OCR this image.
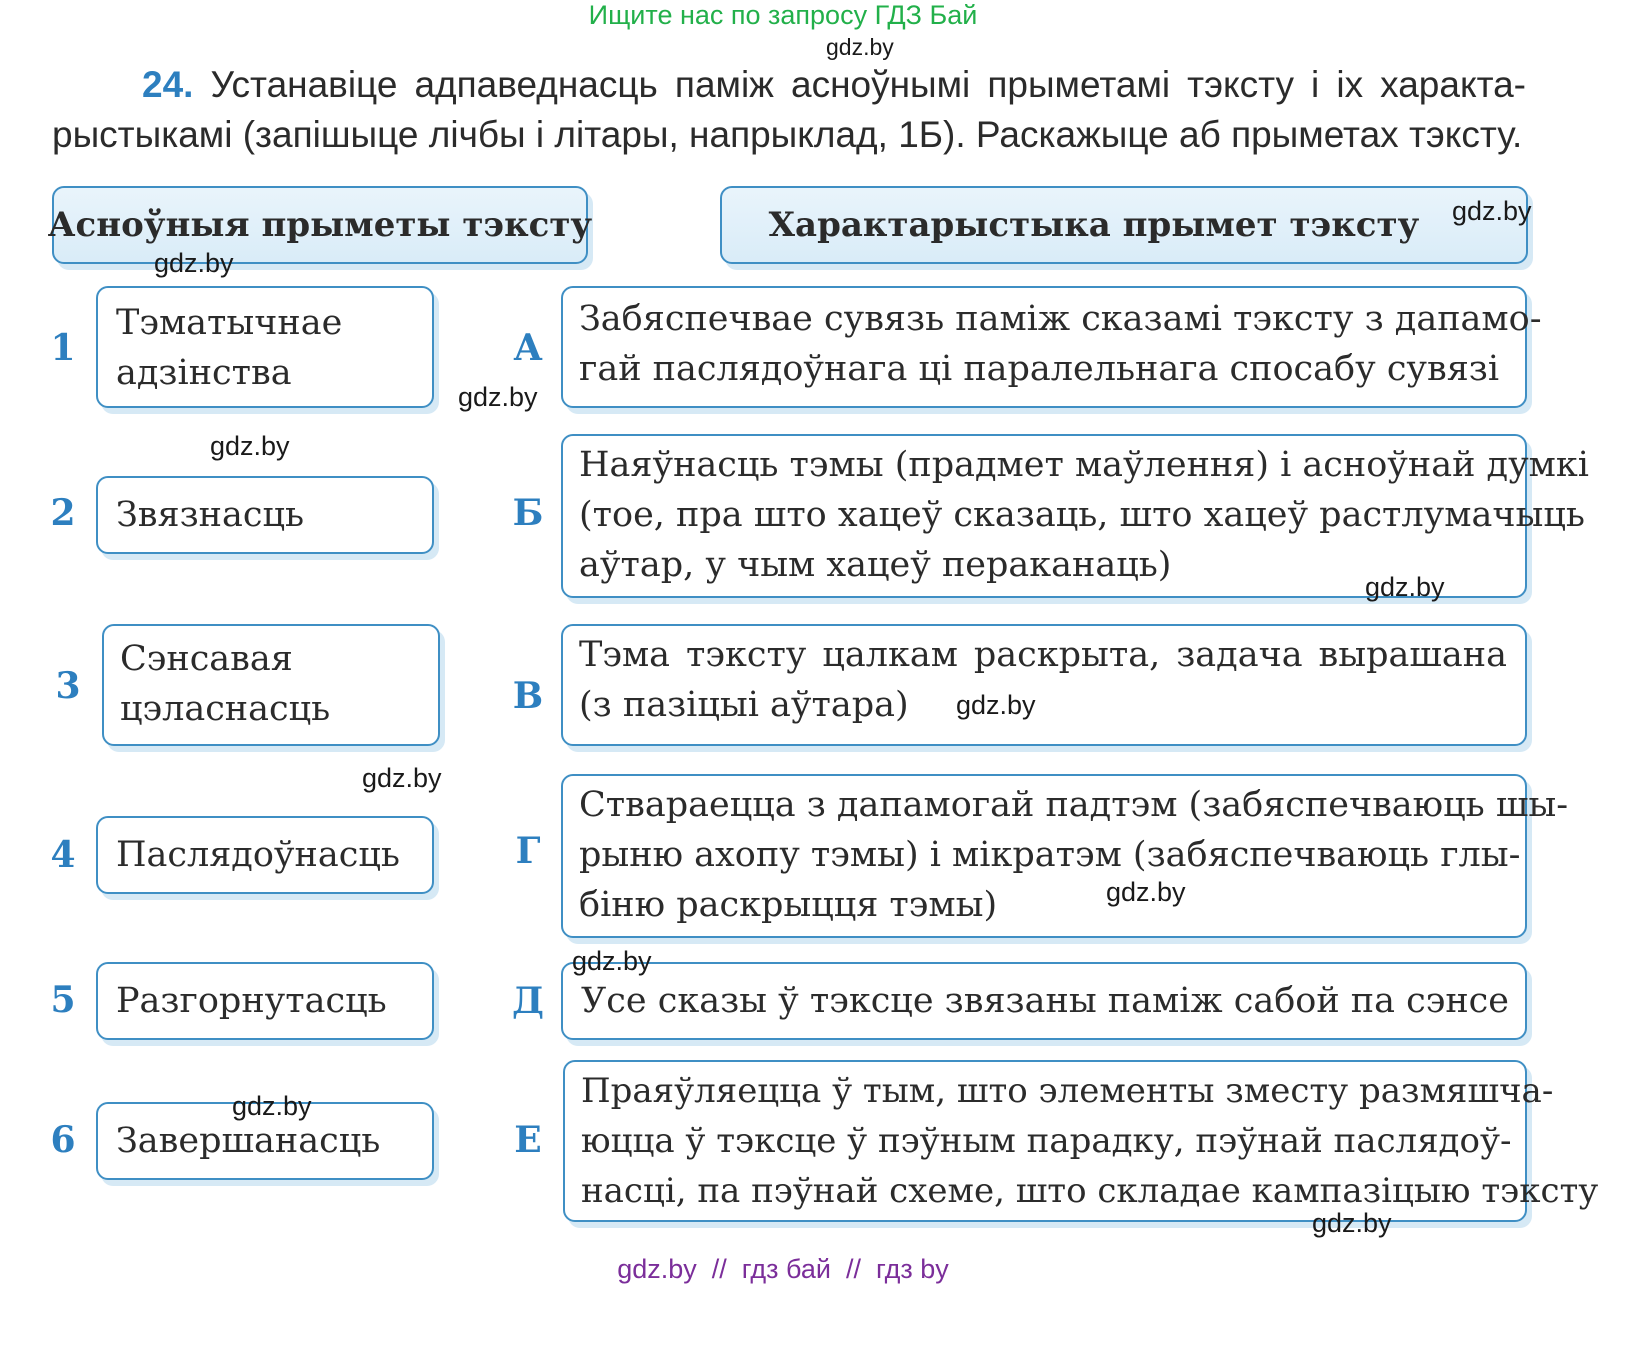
Ищите нас по запросу ГДЗ Бай
gdz.by
24. Устанавіце адпаведнасць паміж асноўнымі прыметамі тэксту і іх характа-
рыстыкамі (запішыце лічбы і літары, напрыклад, 1Б). Раскажыце аб прыметах тэксту.
Асноўныя прыметы тэксту	Характарыстыка прымет тэксту
1
Тэматычнае
адзінства
2 Звязнасць
3
Сэнсавая
цэласнасць
4 Паслядоўнасць
5 Разгорнутасць
6 Завершанасць
А
Забяспечвае сувязь паміж сказамі тэксту з дапамо-
гай паслядоўнага ці паралельнага спосабу сувязі
Б
Наяўнасць тэмы (прадмет маўлення) і асноўнай думкі
(тое, пра што хацеў сказаць, што хацеў растлумачыць
аўтар, у чым хацеў пераканаць)
В
Тэма тэксту цалкам раскрыта, задача вырашана
(з пазіцыі аўтара)
Г
Ствараецца з дапамогай падтэм (забяспечваюць шы-
рыню ахопу тэмы) і мікратэм (забяспечваюць глы-
біню раскрыцця тэмы)
Д Усе сказы ў тэксце звязаны паміж сабой па сэнсе
Е
Праяўляецца ў тым, што элементы зместу размяшча-
юцца ў тэксце ў пэўным парадку, пэўнай паслядоў-
насці, па пэўнай схеме, што складае кампазіцыю тэксту
gdz.by
gdz.by
gdz.by
gdz.by
gdz.by
gdz.by
gdz.by
gdz.by
gdz.by
gdz.by
gdz.by
gdz.by  //  гдз бай  //  гдз by
